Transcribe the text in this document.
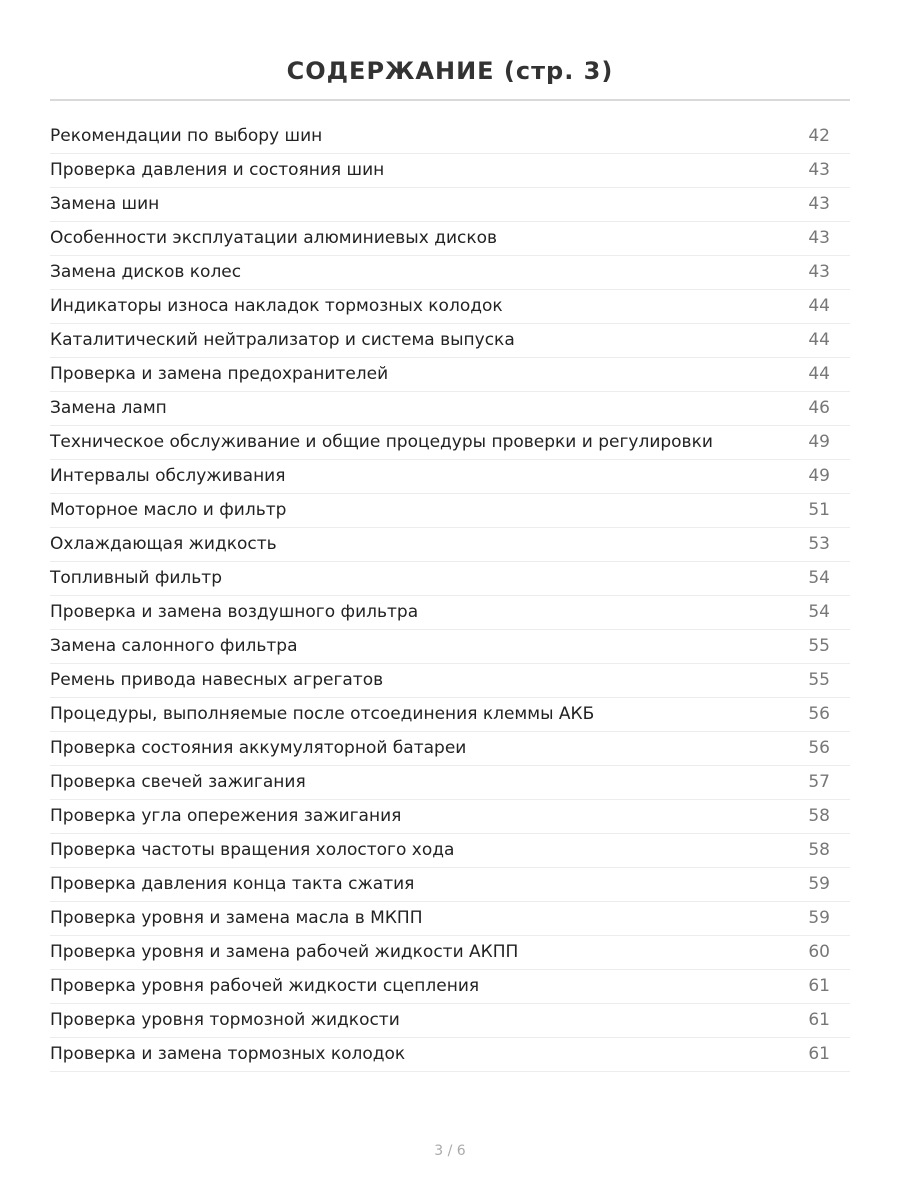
СОДЕРЖАНИЕ (стр. 3)
Рекомендации по выбору шин	42
Проверка давления и состояния шин	43
Замена шин	43
Особенности эксплуатации алюминиевых дисков	43
Замена дисков колес	43
Индикаторы износа накладок тормозных колодок	44
Каталитический нейтрализатор и система выпуска	44
Проверка и замена предохранителей	44
Замена ламп	46
Техническое обслуживание и общие процедуры проверки и регулировки	49
Интервалы обслуживания	49
Моторное масло и фильтр	51
Охлаждающая жидкость	53
Топливный фильтр	54
Проверка и замена воздушного фильтра	54
Замена салонного фильтра	55
Ремень привода навесных агрегатов	55
Процедуры, выполняемые после отсоединения клеммы АКБ	56
Проверка состояния аккумуляторной батареи	56
Проверка свечей зажигания	57
Проверка угла опережения зажигания	58
Проверка частоты вращения холостого хода	58
Проверка давления конца такта сжатия	59
Проверка уровня и замена масла в МКПП	59
Проверка уровня и замена рабочей жидкости АКПП	60
Проверка уровня рабочей жидкости сцепления	61
Проверка уровня тормозной жидкости	61
Проверка и замена тормозных колодок	61
3 / 6
